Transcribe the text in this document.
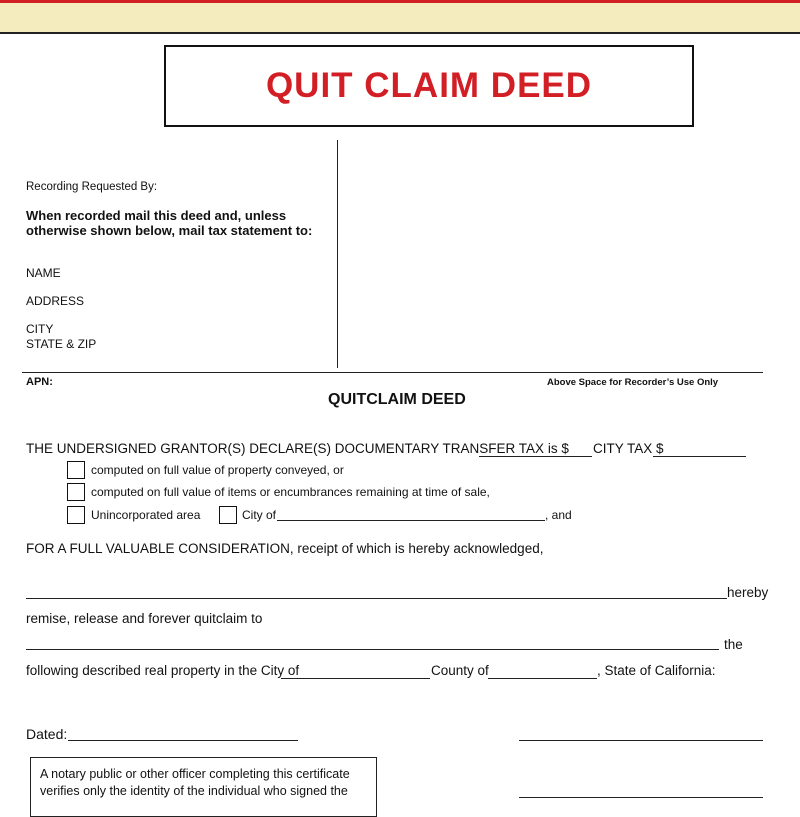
QUIT CLAIM DEED
Recording Requested By:
When recorded mail this deed and, unless
otherwise shown below, mail tax statement to:
NAME
ADDRESS
CITY
STATE & ZIP
APN:	Above Space for Recorder’s Use Only
QUITCLAIM DEED
THE UNDERSIGNED GRANTOR(S) DECLARE(S) DOCUMENTARY TRANSFER TAX is $ CITY TAX $
computed on full value of property conveyed, or
computed on full value of items or encumbrances remaining at time of sale,
Unincorporated area	City of	, and
FOR A FULL VALUABLE CONSIDERATION, receipt of which is hereby acknowledged,
hereby
remise, release and forever quitclaim to
the
following described real property in the City of	County of	, State of California:
Dated:
A notary public or other officer completing this certificate
verifies only the identity of the individual who signed the
